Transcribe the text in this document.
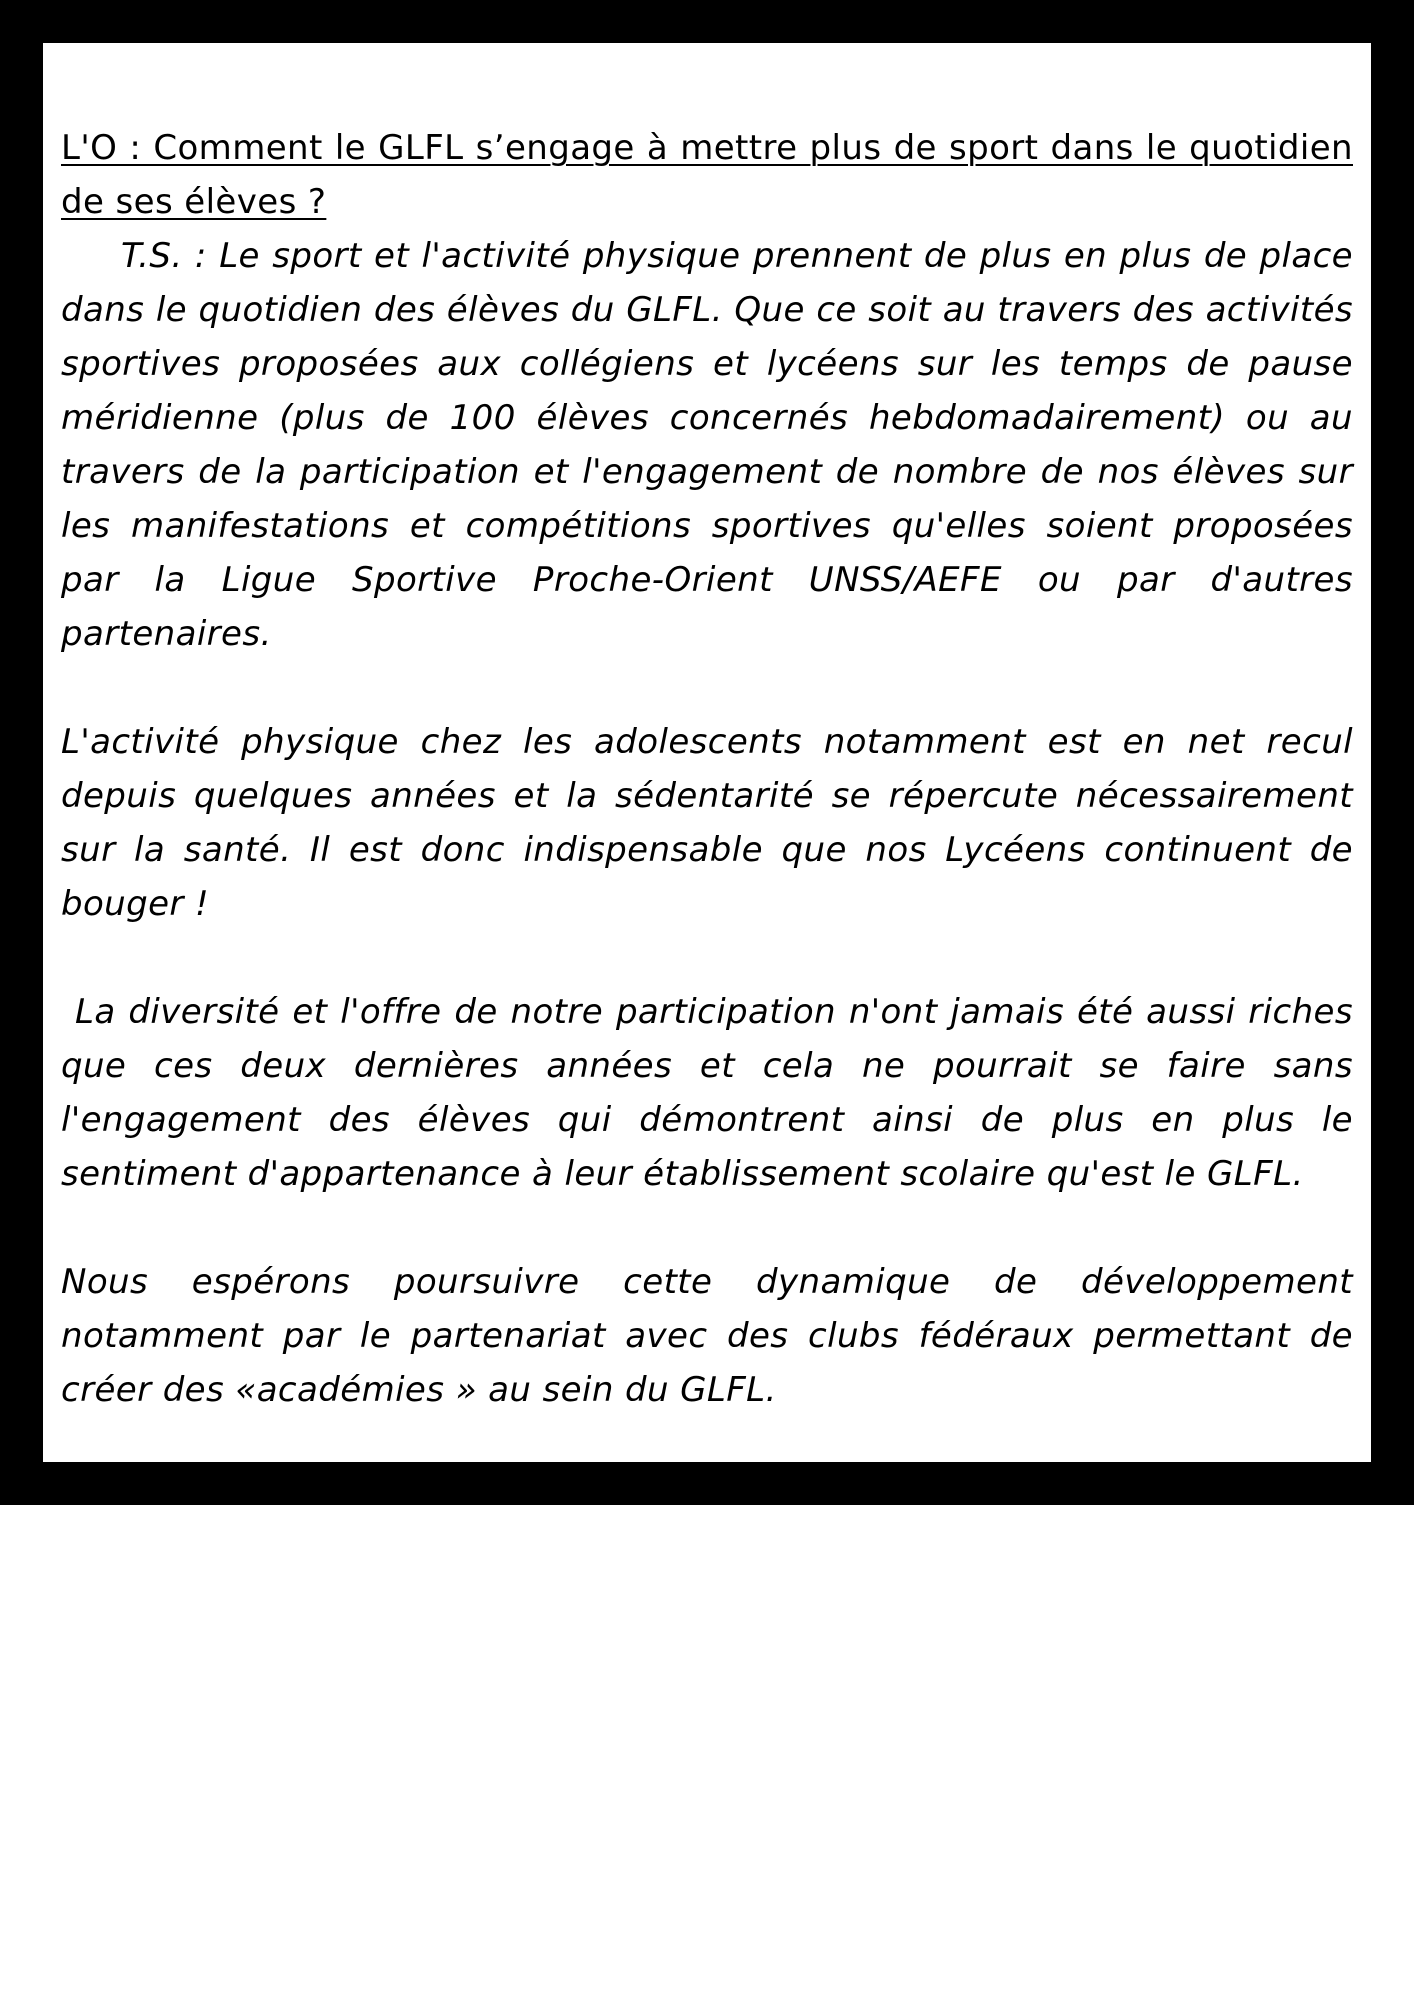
L'O : Comment le GLFL s’engage à mettre plus de sport dans le quotidien de ses élèves ?

T.S. : Le sport et l'activité physique prennent de plus en plus de place dans le quotidien des élèves du GLFL. Que ce soit au travers des activités sportives proposées aux collégiens et lycéens sur les temps de pause méridienne (plus de 100 élèves concernés hebdomadairement) ou au travers de la participation et l'engagement de nombre de nos élèves sur les manifestations et compétitions sportives qu'elles soient proposées par la Ligue Sportive Proche-Orient UNSS/AEFE ou par d'autres partenaires.

L'activité physique chez les adolescents notamment est en net recul depuis quelques années et la sédentarité se répercute nécessairement sur la santé. Il est donc indispensable que nos Lycéens continuent de bouger !

La diversité et l'offre de notre participation n'ont jamais été aussi riches que ces deux dernières années et cela ne pourrait se faire sans l'engagement des élèves qui démontrent ainsi de plus en plus le sentiment d'appartenance à leur établissement scolaire qu'est le GLFL.

Nous espérons poursuivre cette dynamique de développement notamment par le partenariat avec des clubs fédéraux permettant de créer des «académies » au sein du GLFL.
